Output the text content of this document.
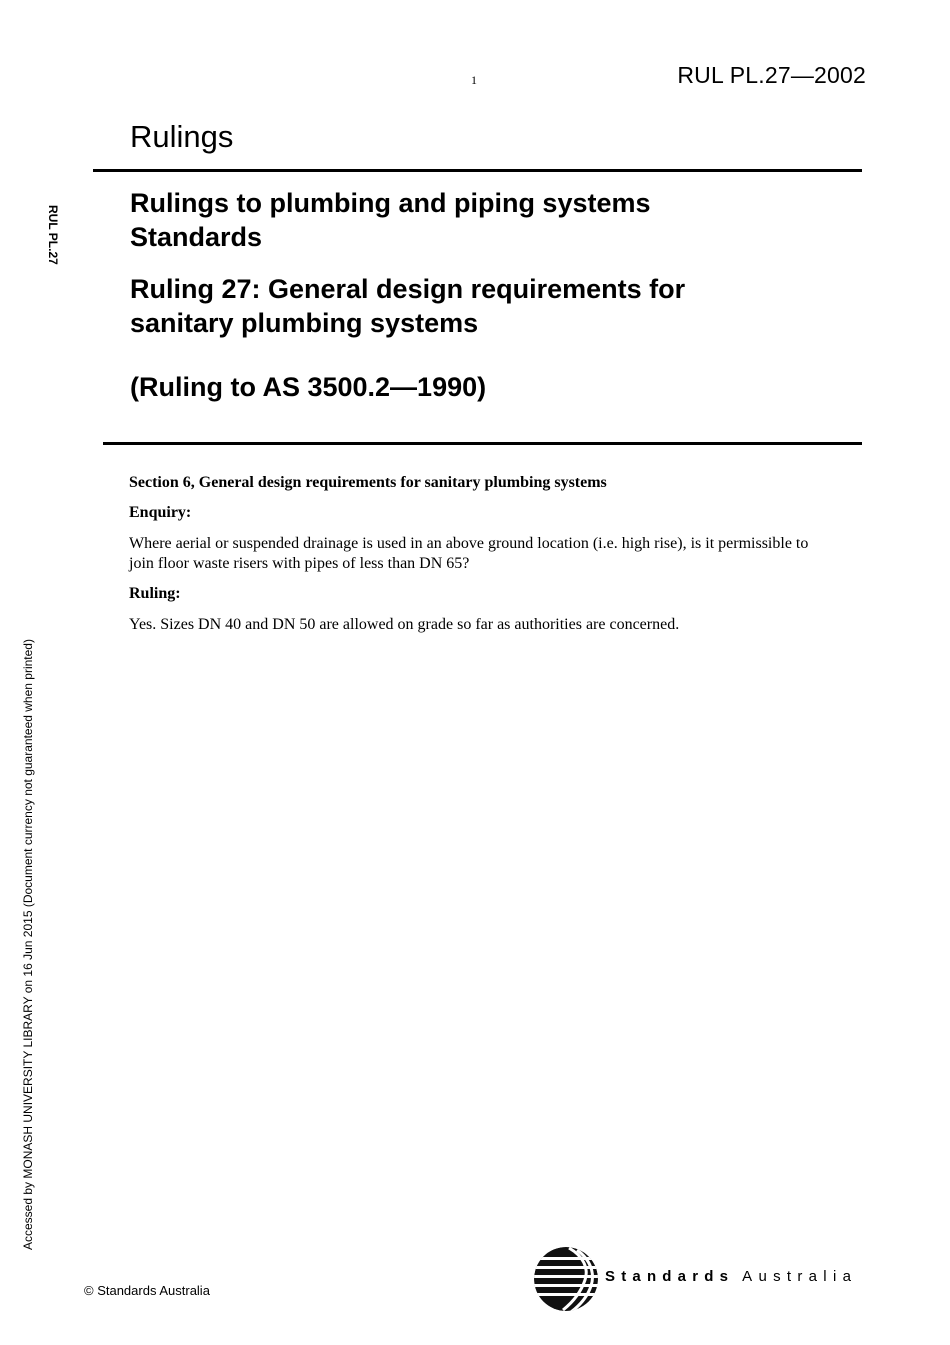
1	RUL PL.27—2002
Rulings
RUL PL.27
Rulings to plumbing and piping systems
Standards
Ruling 27: General design requirements for
sanitary plumbing systems
(Ruling to AS 3500.2—1990)
Section 6, General design requirements for sanitary plumbing systems
Enquiry:
Where aerial or suspended drainage is used in an above ground location (i.e. high rise), is it permissible to join floor waste risers with pipes of less than DN 65?
Ruling:
Yes. Sizes DN 40 and DN 50 are allowed on grade so far as authorities are concerned.
Accessed by MONASH UNIVERSITY LIBRARY on 16 Jun 2015 (Document currency not guaranteed when printed)
© Standards Australia
Standards Australia
